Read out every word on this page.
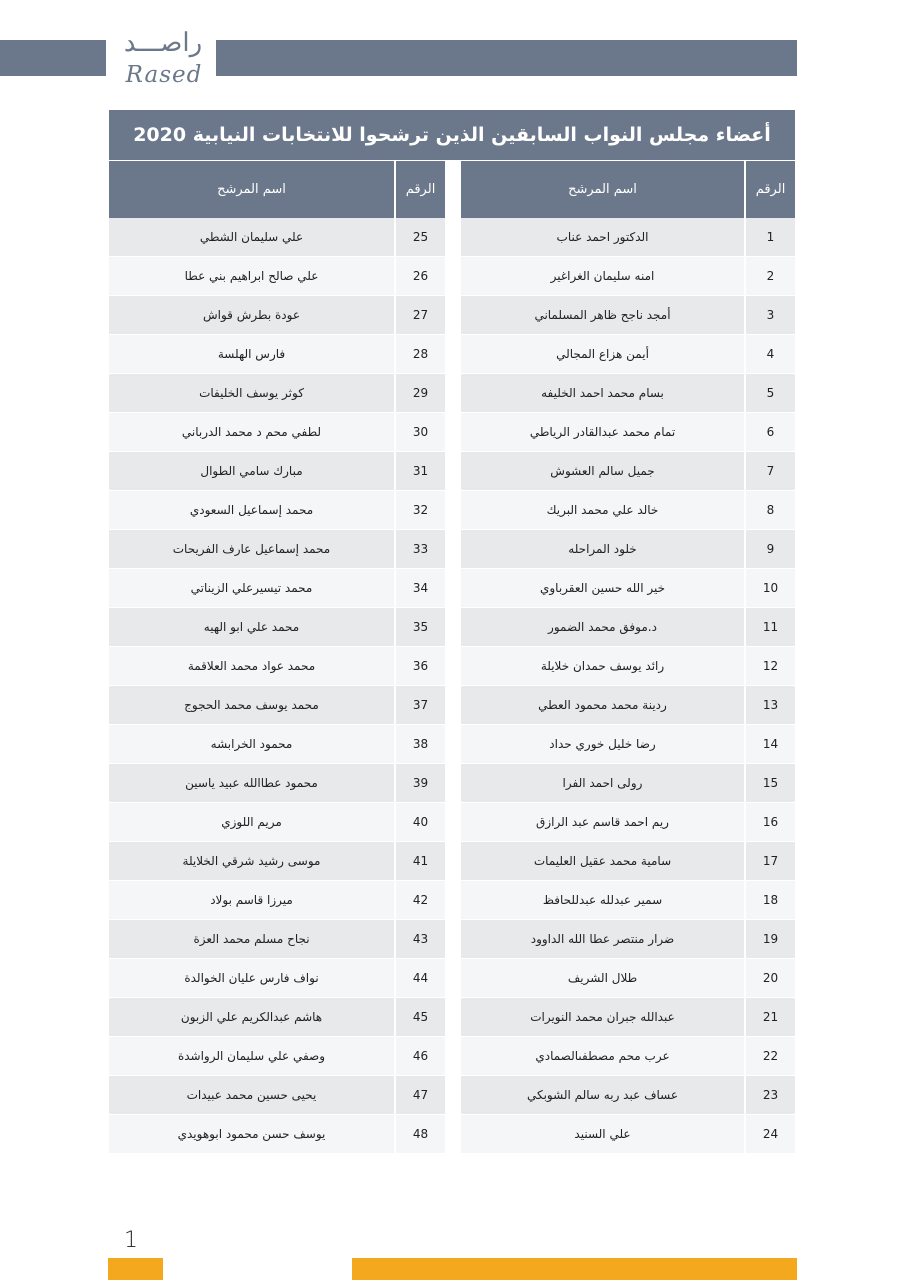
راصـــد
Rased
أعضاء مجلس النواب السابقين الذين ترشحوا للانتخابات النيابية 2020
الرقم	اسم المرشح
1	الدكتور احمد عناب
2	امنه سليمان الغراغير
3	أمجد ناجح ظاهر المسلماني
4	أيمن هزاع المجالي
5	بسام محمد احمد الخليفه
6	تمام محمد عبدالقادر الرياطي
7	جميل سالم العشوش
8	خالد علي محمد البريك
9	خلود المراحله
10	خير الله حسين العقرباوي
11	د.موفق محمد الضمور
12	رائد يوسف حمدان خلايلة
13	ردينة محمد محمود العطي
14	رضا خليل خوري حداد
15	رولى احمد الفرا
16	ريم احمد قاسم عبد الرازق
17	سامية محمد عقيل العليمات
18	سمير عبدلله عبدللحافظ
19	ضرار منتصر عطا الله الداوود
20	طلال الشريف
21	عبدالله جبران محمد النويرات
22	عرب محم مصطفىالصمادي
23	عساف عبد ربه سالم الشوبكي
24	علي السنيد
الرقم	اسم المرشح
25	علي سليمان الشطي
26	علي صالح ابراهيم بني عطا
27	عودة بطرش قواش
28	فارس الهلسة
29	كوثر يوسف الخليفات
30	لطفي محم د محمد الدرباني
31	مبارك سامي الطوال
32	محمد إسماعيل السعودي
33	محمد إسماعيل عارف الفريحات
34	محمد تيسيرعلي الزيناتي
35	محمد علي ابو الهيه
36	محمد عواد محمد العلاقمة
37	محمد يوسف محمد الحجوج
38	محمود الخرابشه
39	محمود عطاالله عبيد ياسين
40	مريم اللوزي
41	موسى رشيد شرقي الخلايلة
42	ميرزا قاسم بولاد
43	نجاح مسلم محمد العزة
44	نواف فارس عليان الخوالدة
45	هاشم عبدالكريم علي الزبون
46	وصفي علي سليمان الرواشدة
47	يحيى حسين محمد عبيدات
48	يوسف حسن محمود ابوهويدي
1
